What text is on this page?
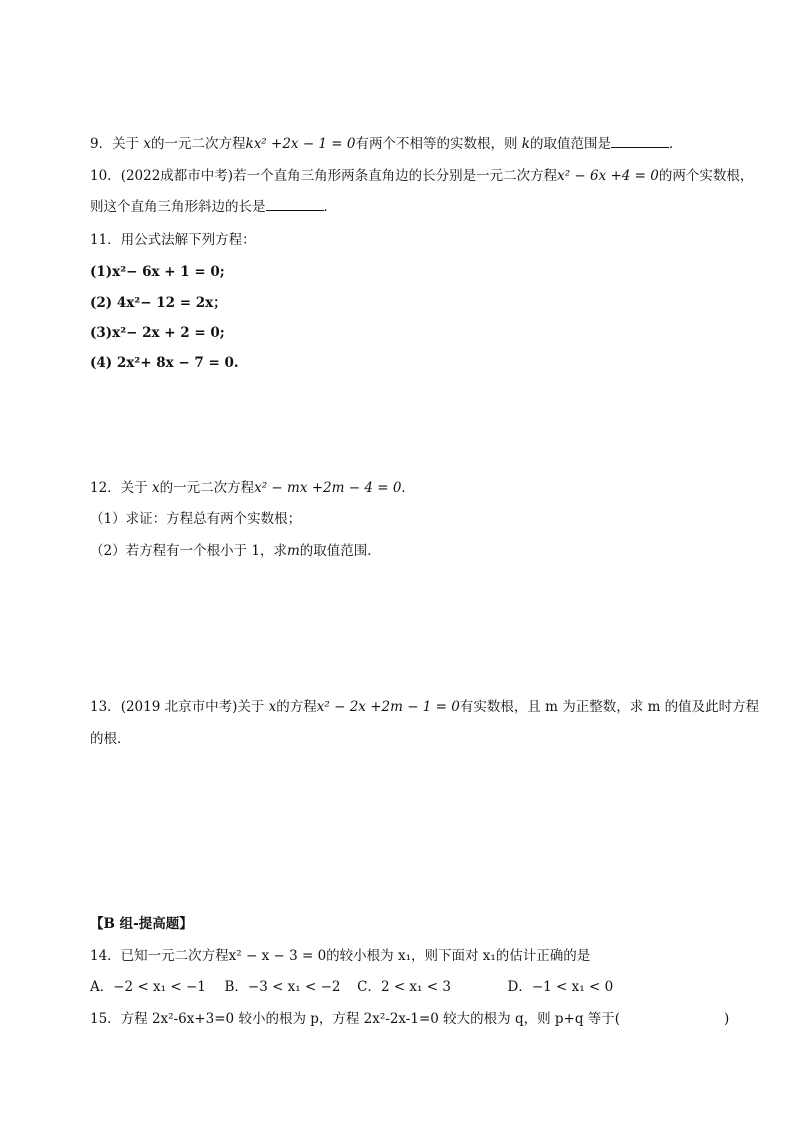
9．关于 x的一元二次方程kx² +2x − 1 = 0有两个不相等的实数根，则 k的取值范围是	．
10．(2022成都市中考)若一个直角三角形两条直角边的长分别是一元二次方程x² − 6x +4 = 0的两个实数根，
则这个直角三角形斜边的长是	．
11．用公式法解下列方程：
(1)x²− 6x + 1 = 0;
(2) 4x²− 12 = 2x；
(3)x²− 2x + 2 = 0;
(4) 2x²+ 8x − 7 = 0.
12．关于 x的一元二次方程x² − mx +2m − 4 = 0．
（1）求证：方程总有两个实数根；
（2）若方程有一个根小于 1，求m的取值范围．
13．(2019 北京市中考)关于 x的方程x² − 2x +2m − 1 = 0有实数根，且 m 为正整数，求 m 的值及此时方程
的根．
【B 组-提高题】
14．已知一元二次方程x² − x − 3 = 0的较小根为 x₁，则下面对 x₁的估计正确的是
A．−2 < x₁ < −1 B．−3 < x₁ < −2 C．2 < x₁ < 3	D．−1 < x₁ < 0
15．方程 2x²-6x+3=0 较小的根为 p，方程 2x²-2x-1=0 较大的根为 q，则 p+q 等于(	)
